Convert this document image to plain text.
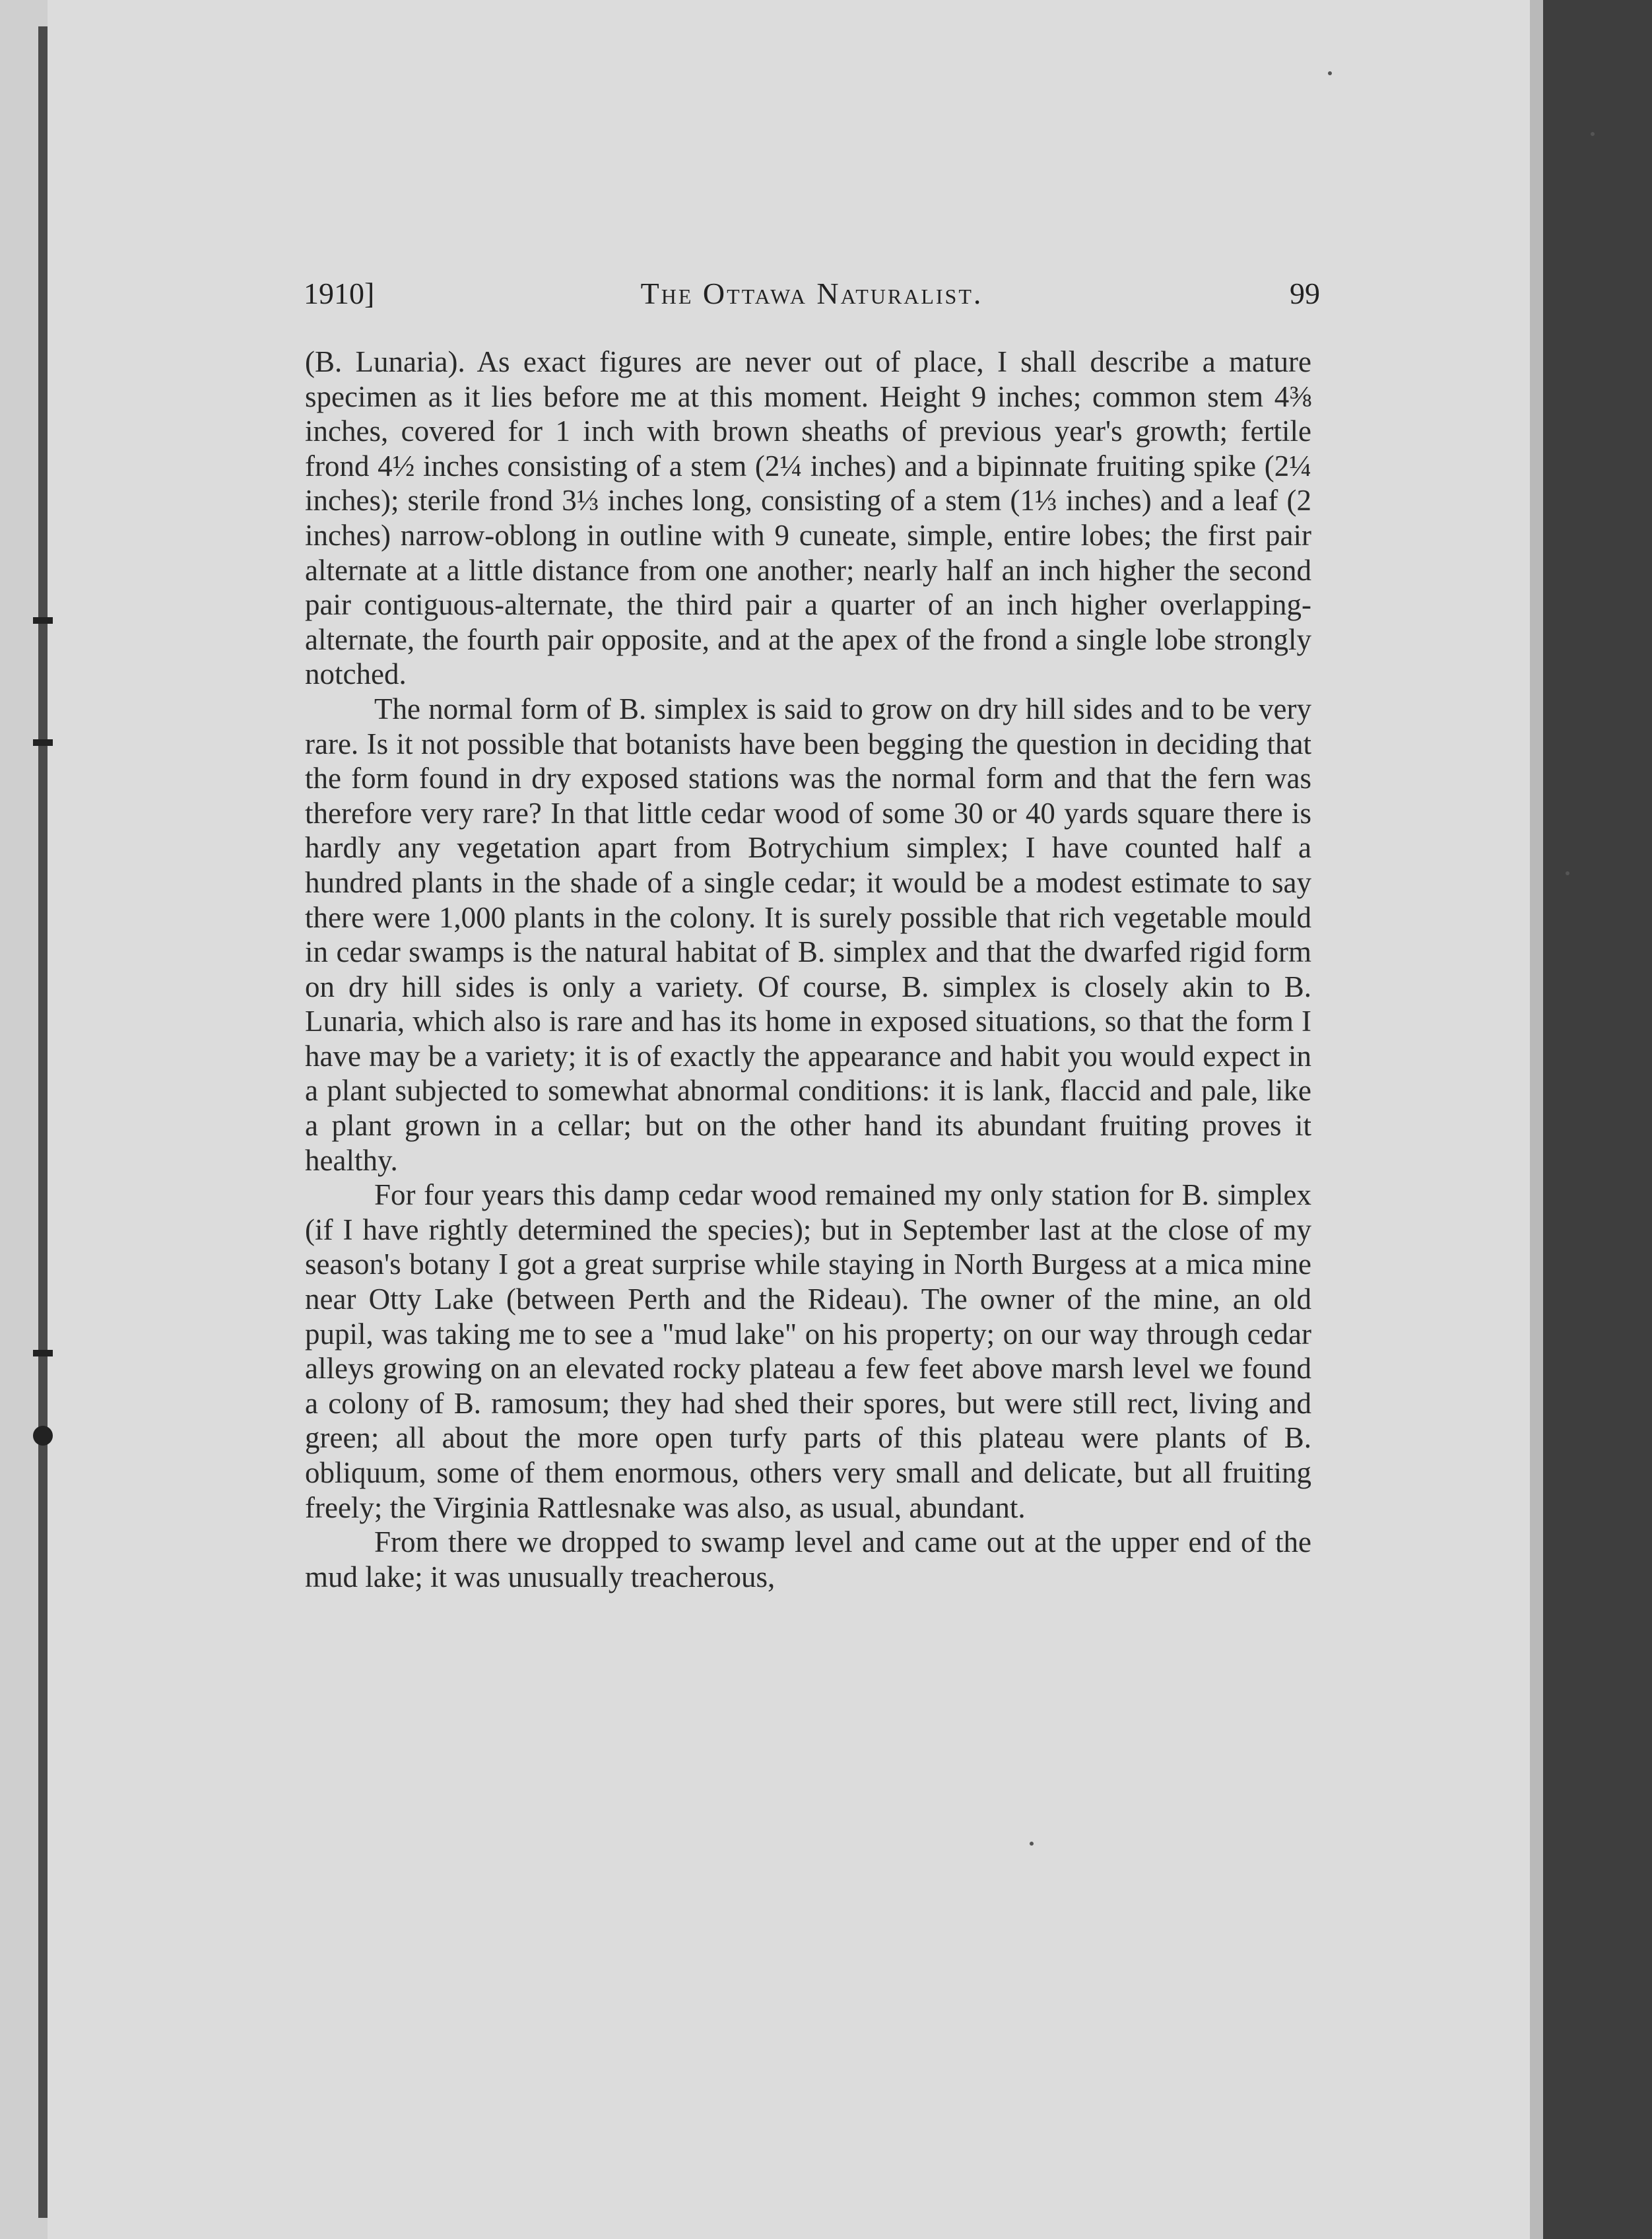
1910]	The Ottawa Naturalist.	99

(B. Lunaria). As exact figures are never out of place, I shall describe a mature specimen as it lies before me at this moment. Height 9 inches; common stem 4⅜ inches, covered for 1 inch with brown sheaths of previous year's growth; fertile frond 4½ inches consisting of a stem (2¼ inches) and a bipinnate fruiting spike (2¼ inches); sterile frond 3⅓ inches long, consisting of a stem (1⅓ inches) and a leaf (2 inches) narrow-oblong in outline with 9 cuneate, simple, entire lobes; the first pair alternate at a little distance from one another; nearly half an inch higher the second pair contiguous-alternate, the third pair a quarter of an inch higher overlapping-alternate, the fourth pair opposite, and at the apex of the frond a single lobe strongly notched.

The normal form of B. simplex is said to grow on dry hill sides and to be very rare. Is it not possible that botanists have been begging the question in deciding that the form found in dry exposed stations was the normal form and that the fern was therefore very rare? In that little cedar wood of some 30 or 40 yards square there is hardly any vegetation apart from Botrychium simplex; I have counted half a hundred plants in the shade of a single cedar; it would be a modest estimate to say there were 1,000 plants in the colony. It is surely possible that rich vegetable mould in cedar swamps is the natural habitat of B. simplex and that the dwarfed rigid form on dry hill sides is only a variety. Of course, B. simplex is closely akin to B. Lunaria, which also is rare and has its home in exposed situations, so that the form I have may be a variety; it is of exactly the appearance and habit you would expect in a plant subjected to somewhat abnormal conditions: it is lank, flaccid and pale, like a plant grown in a cellar; but on the other hand its abundant fruiting proves it healthy.

For four years this damp cedar wood remained my only station for B. simplex (if I have rightly determined the species); but in September last at the close of my season's botany I got a great surprise while staying in North Burgess at a mica mine near Otty Lake (between Perth and the Rideau). The owner of the mine, an old pupil, was taking me to see a "mud lake" on his property; on our way through cedar alleys growing on an elevated rocky plateau a few feet above marsh level we found a colony of B. ramosum; they had shed their spores, but were still rect, living and green; all about the more open turfy parts of this plateau were plants of B. obliquum, some of them enormous, others very small and delicate, but all fruiting freely; the Virginia Rattlesnake was also, as usual, abundant.

From there we dropped to swamp level and came out at the upper end of the mud lake; it was unusually treacherous,
